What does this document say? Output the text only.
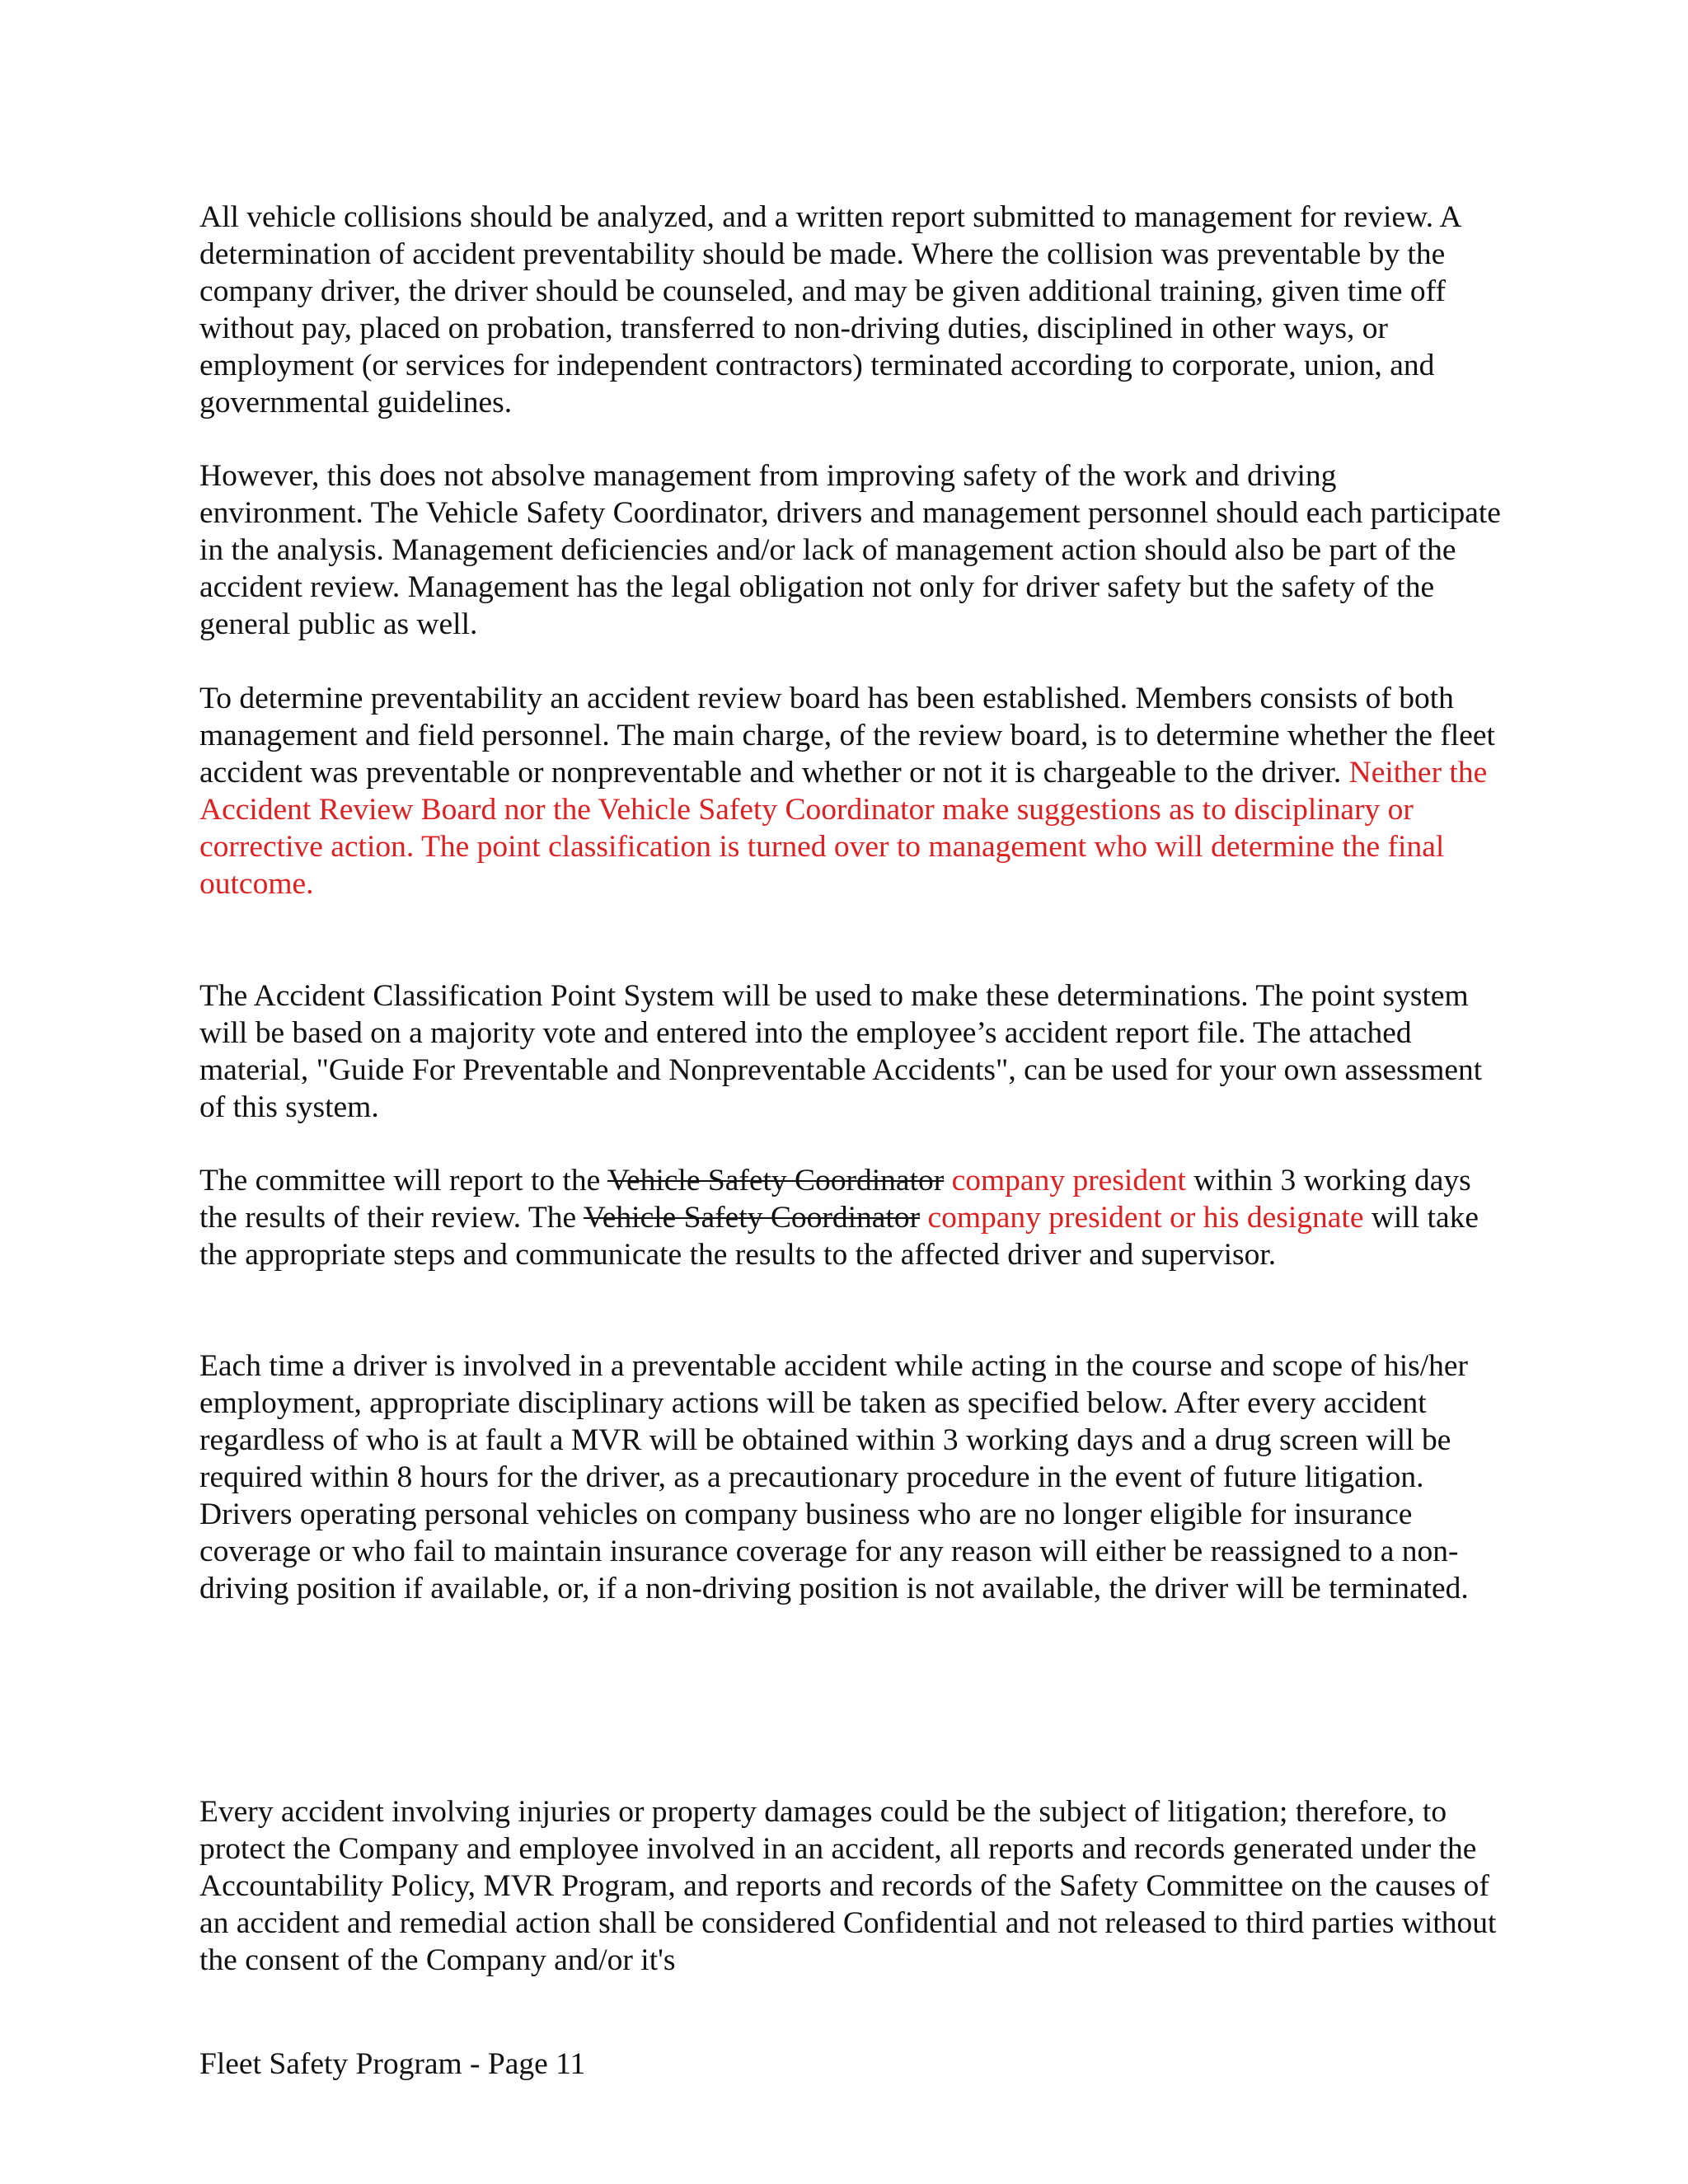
All vehicle collisions should be analyzed, and a written report submitted to management for review. A determination of accident preventability should be made. Where the collision was preventable by the company driver, the driver should be counseled, and may be given additional training, given time off without pay, placed on probation, transferred to non-driving duties, disciplined in other ways, or employment (or services for independent contractors) terminated according to corporate, union, and governmental guidelines.

However, this does not absolve management from improving safety of the work and driving environment. The Vehicle Safety Coordinator, drivers and management personnel should each participate in the analysis. Management deficiencies and/or lack of management action should also be part of the accident review. Management has the legal obligation not only for driver safety but the safety of the general public as well.

To determine preventability an accident review board has been established. Members consists of both management and field personnel. The main charge, of the review board, is to determine whether the fleet accident was preventable or nonpreventable and whether or not it is chargeable to the driver. Neither the Accident Review Board nor the Vehicle Safety Coordinator make suggestions as to disciplinary or corrective action. The point classification is turned over to management who will determine the final outcome.

The Accident Classification Point System will be used to make these determinations. The point system will be based on a majority vote and entered into the employee’s accident report file. The attached material, "Guide For Preventable and Nonpreventable Accidents", can be used for your own assessment of this system.

The committee will report to the Vehicle Safety Coordinator company president within 3 working days the results of their review. The Vehicle Safety Coordinator company president or his designate will take the appropriate steps and communicate the results to the affected driver and supervisor.

Each time a driver is involved in a preventable accident while acting in the course and scope of his/her employment, appropriate disciplinary actions will be taken as specified below. After every accident regardless of who is at fault a MVR will be obtained within 3 working days and a drug screen will be required within 8 hours for the driver, as a precautionary procedure in the event of future litigation. Drivers operating personal vehicles on company business who are no longer eligible for insurance coverage or who fail to maintain insurance coverage for any reason will either be reassigned to a non-driving position if available, or, if a non-driving position is not available, the driver will be terminated.

Every accident involving injuries or property damages could be the subject of litigation; therefore, to protect the Company and employee involved in an accident, all reports and records generated under the Accountability Policy, MVR Program, and reports and records of the Safety Committee on the causes of an accident and remedial action shall be considered Confidential and not released to third parties without the consent of the Company and/or it's

Fleet Safety Program - Page 11
